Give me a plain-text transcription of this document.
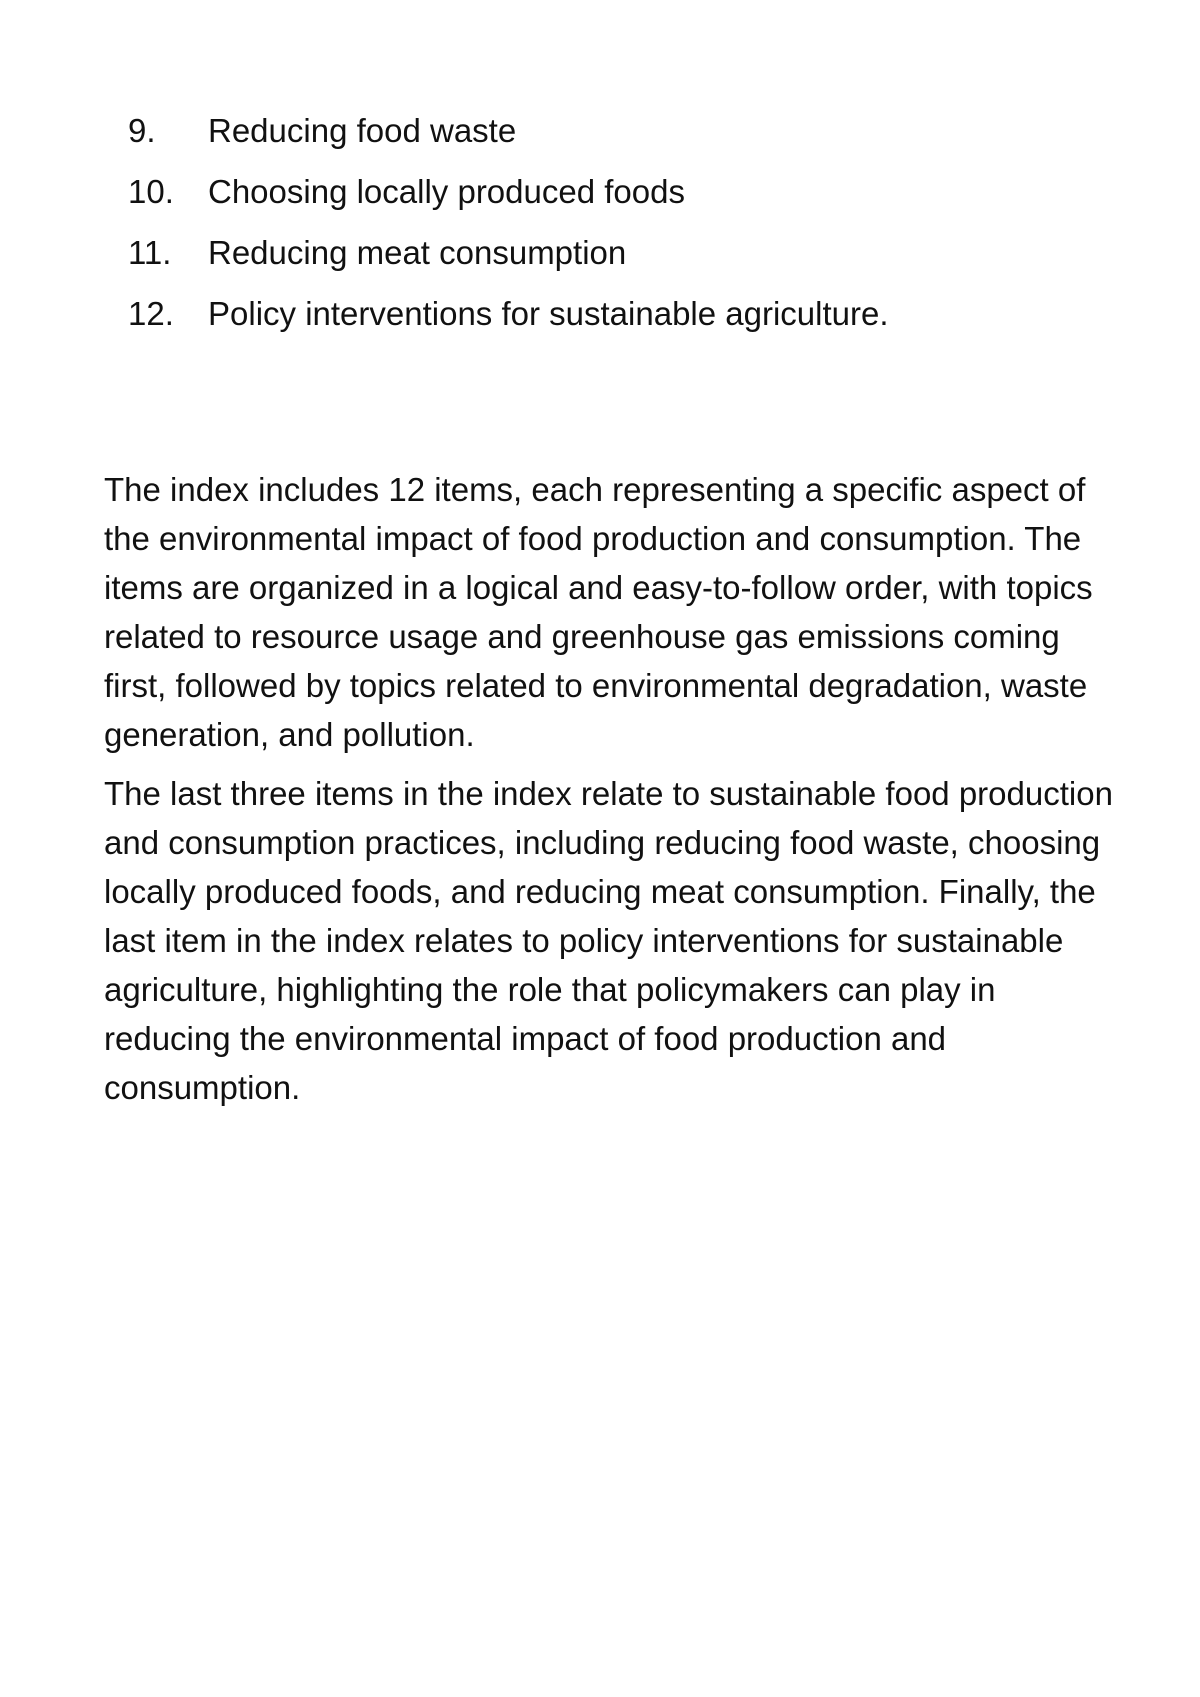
9.	Reducing food waste
10.	Choosing locally produced foods
11.	Reducing meat consumption
12.	Policy interventions for sustainable agriculture.

The index includes 12 items, each representing a specific aspect of the environmental impact of food production and consumption. The items are organized in a logical and easy-to-follow order, with topics related to resource usage and greenhouse gas emissions coming first, followed by topics related to environmental degradation, waste generation, and pollution.

The last three items in the index relate to sustainable food production and consumption practices, including reducing food waste, choosing locally produced foods, and reducing meat consumption. Finally, the last item in the index relates to policy interventions for sustainable agriculture, highlighting the role that policymakers can play in reducing the environmental impact of food production and consumption.
